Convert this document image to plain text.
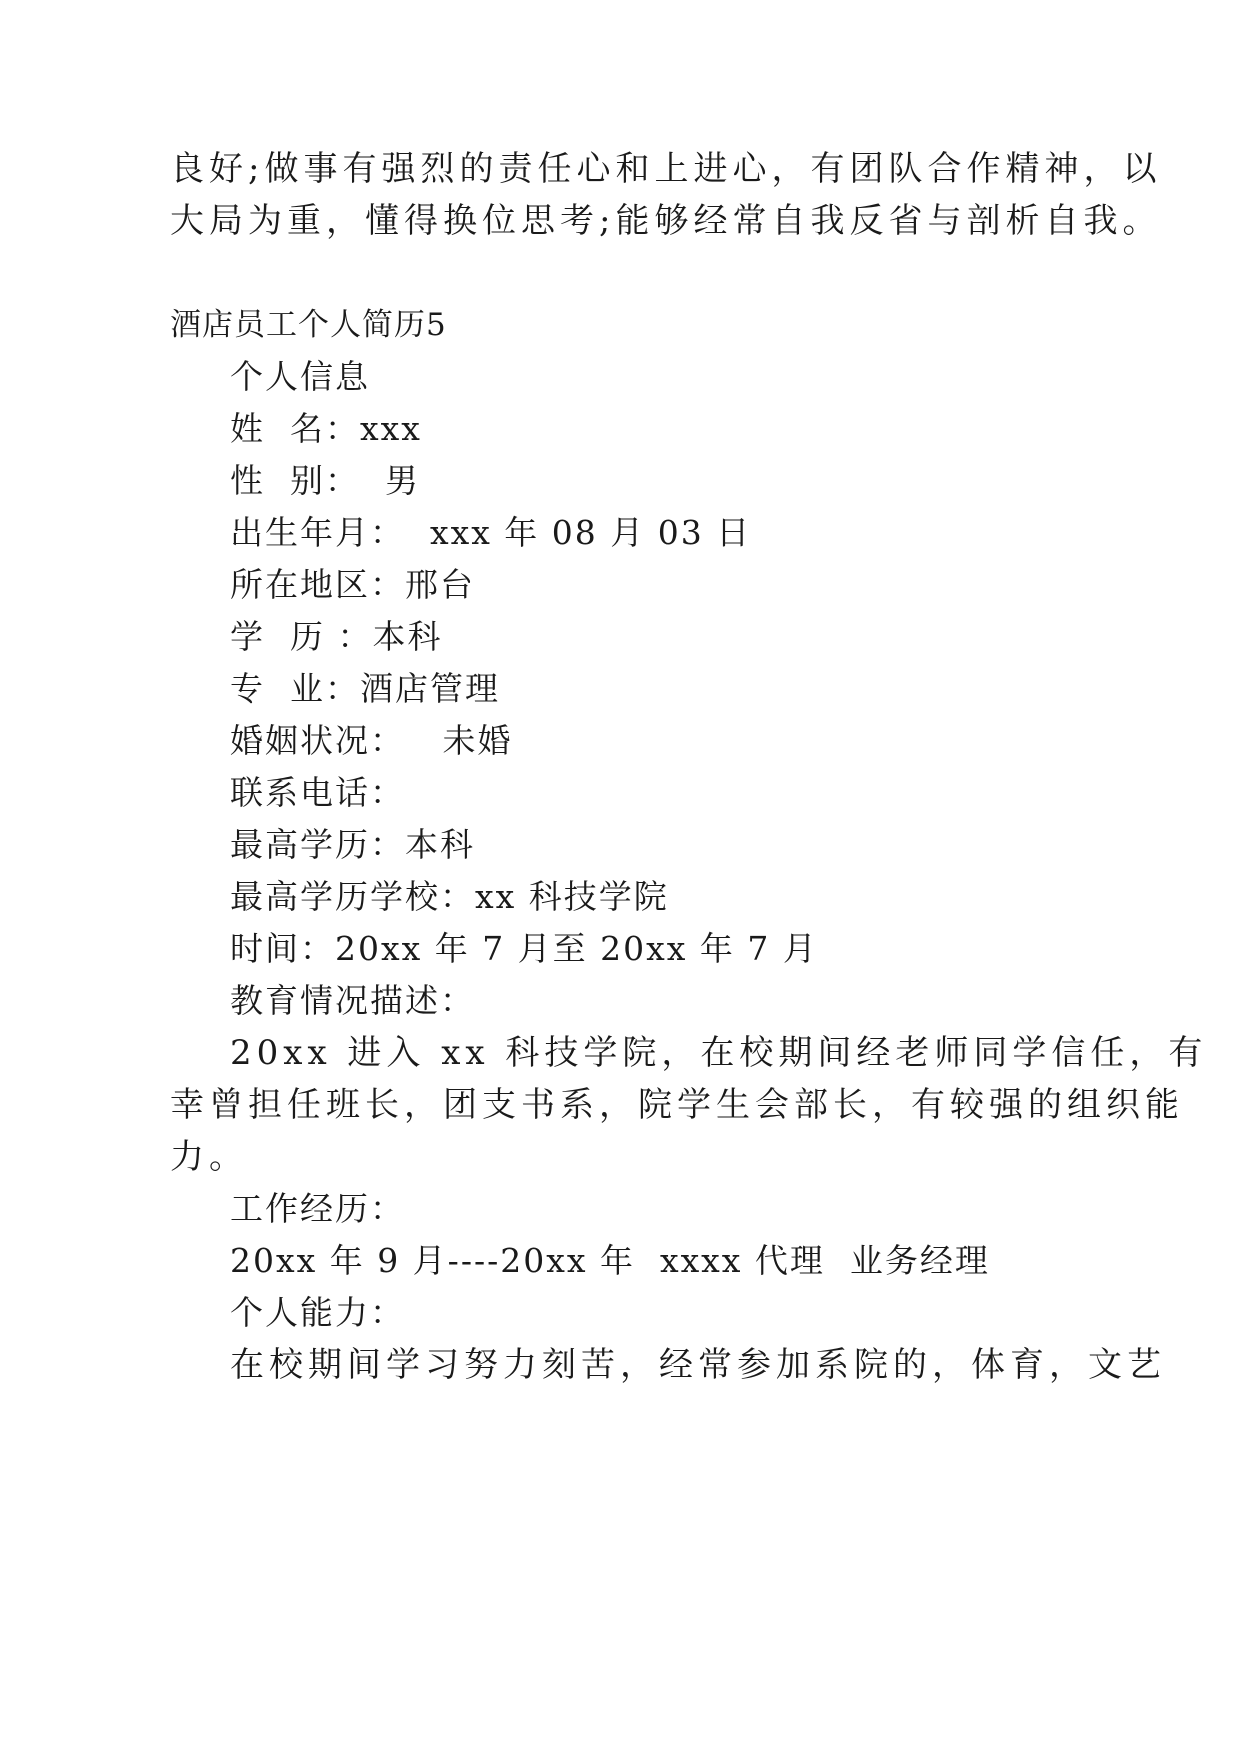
良好;做事有强烈的责任心和上进心，有团队合作精神，以
大局为重，懂得换位思考;能够经常自我反省与剖析自我。
酒店员工个人简历5
个人信息
姓  名：xxx
性  别：  男
出生年月：  xxx 年 08 月 03 日
所在地区：邢台
学  历 ：本科
专  业：酒店管理
婚姻状况：   未婚
联系电话：
最高学历：本科
最高学历学校：xx 科技学院
时间：20xx 年 7 月至 20xx 年 7 月
教育情况描述：
20xx 进入 xx 科技学院，在校期间经老师同学信任，有
幸曾担任班长，团支书系，院学生会部长，有较强的组织能
力。
工作经历：
20xx 年 9 月----20xx 年  xxxx 代理  业务经理
个人能力：
在校期间学习努力刻苦，经常参加系院的，体育，文艺
